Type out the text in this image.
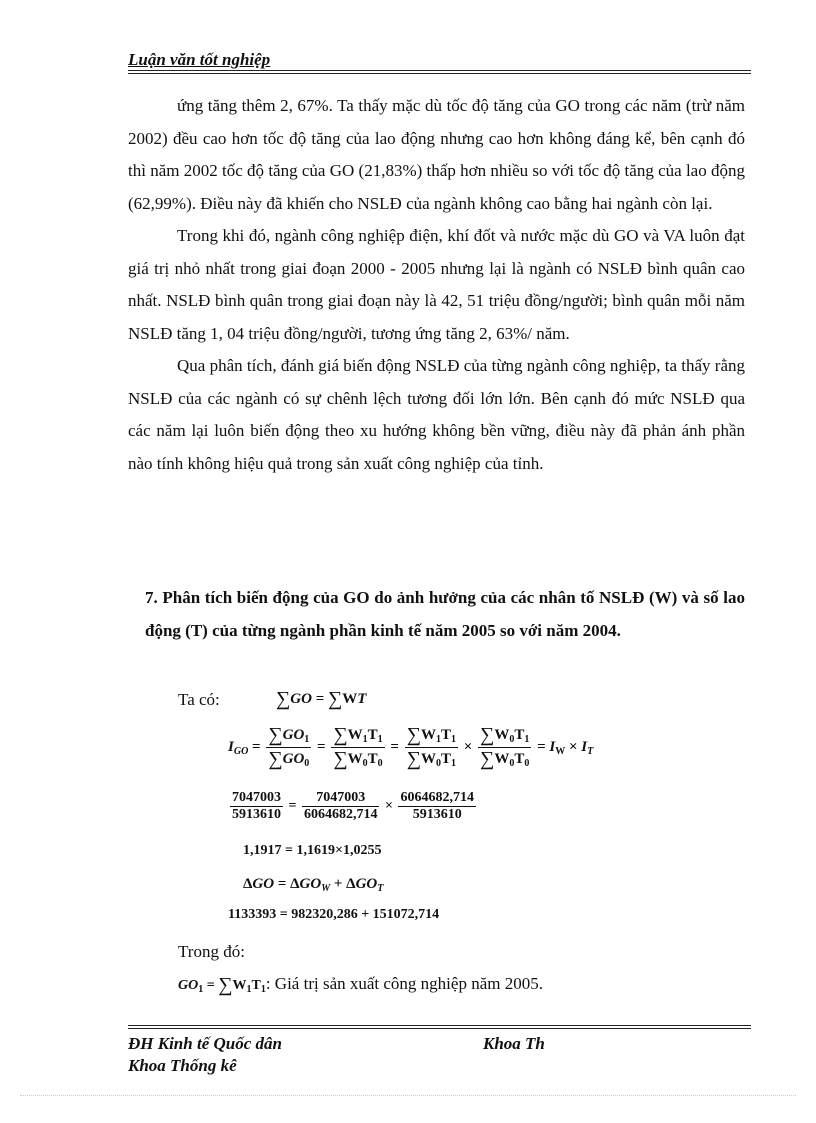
Luận văn tốt nghiệp

ứng tăng thêm 2, 67%. Ta thấy mặc dù tốc độ tăng của GO trong các năm (trừ năm 2002) đều cao hơn tốc độ tăng của lao động nhưng cao hơn không đáng kể, bên cạnh đó thì năm 2002 tốc độ tăng của GO (21,83%) thấp hơn nhiều so với tốc độ tăng của lao động (62,99%). Điều này đã khiến cho NSLĐ của ngành không cao bằng hai ngành còn lại.

Trong khi đó, ngành công nghiệp điện, khí đốt và nước mặc dù GO và VA luôn đạt giá trị nhỏ nhất trong giai đoạn 2000 - 2005 nhưng lại là ngành có NSLĐ bình quân cao nhất. NSLĐ bình quân trong giai đoạn này là 42, 51 triệu đồng/người; bình quân mỗi năm NSLĐ tăng 1, 04 triệu đồng/người, tương ứng tăng 2, 63%/ năm.

Qua phân tích, đánh giá biến động NSLĐ của từng ngành công nghiệp, ta thấy rằng NSLĐ của các ngành có sự chênh lệch tương đối lớn lớn. Bên cạnh đó mức NSLĐ qua các năm lại luôn biến động theo xu hướng không bền vững, điều này đã phản ánh phần nào tính không hiệu quả trong sản xuất công nghiệp của tỉnh.

7. Phân tích biến động của GO do ảnh hưởng của các nhân tố NSLĐ (W) và số lao động (T) của từng ngành phần kinh tế năm 2005 so với năm 2004.

Ta có:	∑GO = ∑WT
$I_{GO} = \frac{\sum GO_1}{\sum GO_0} = \frac{\sum W_1T_1}{\sum W_0T_0} = \frac{\sum W_1T_1}{\sum W_0T_1} \times \frac{\sum W_0T_1}{\sum W_0T_0} = I_W \times I_T$
$\frac{7047003}{5913610} = \frac{7047003}{6064682,714} \times \frac{6064682,714}{5913610}$
1,1917 = 1,1619×1,0255
$\Delta GO = \Delta GO_W + \Delta GO_T$
1133393 = 982320,286 + 151072,714
Trong đó:
$GO_1 = \sum W_1T_1$: Giá trị sản xuất công nghiệp năm 2005.
ĐH Kinh tế Quốc dân
Khoa Thống kê
Khoa Th
